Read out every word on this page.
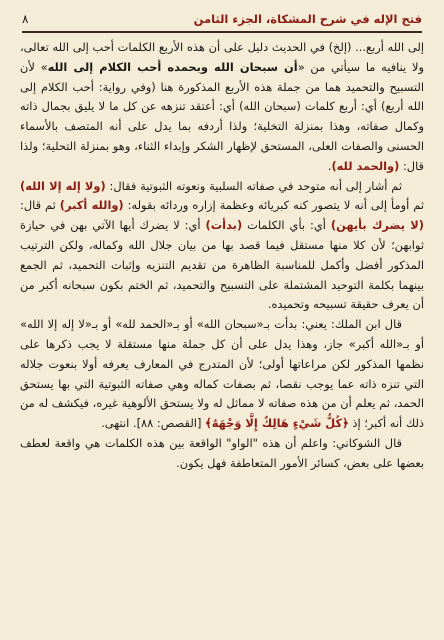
فتح الإله في شرح المشكاة، الجزء الثامن
٨

إلى الله أربع... (إلخ) في الحديث دليل على أن هذه الأربع الكلمات أحب إلى الله تعالى، ولا ينافيه ما سيأتي من «أن سبحان الله وبحمده أحب الكلام إلى الله» لأن التسبيح والتحميد هما من جملة هذه الأربع المذكورة هنا (وفي رواية: أحب الكلام إلى الله أربع) أي: أربع كلمات (سبحان الله) أي: أعتقد تنزهه عن كل ما لا يليق بجمال ذاته وكمال صفاته، وهذا بمنزلة التخلية؛ ولذا أردفه بما يدل على أنه المتصف بالأسماء الحسنى والصفات العلى، المستحق لإظهار الشكر وإبداء الثناء، وهو بمنزلة التحلية؛ ولذا قال: (والحمد لله).

ثم أشار إلى أنه متوحد في صفاته السلبية ونعوته الثبوتية فقال: (ولا إله إلا الله) ثم أومأ إلى أنه لا يتصور كنه كبريائه وعظمة إزاره وردائه بقوله: (والله أكبر) ثم قال: (لا يضرك بأيهن) أي: بأي الكلمات (بدأت) أي: لا يضرك أيها الآتي بهن في حيازة ثوابهن؛ لأن كلا منها مستقل فيما قصد بها من بيان جلال الله وكماله، ولكن الترتيب المذكور أفضل وأكمل للمناسبة الظاهرة من تقديم التنزيه وإثبات التحميد، ثم الجمع بينهما بكلمة التوحيد المشتملة على التسبيح والتحميد، ثم الختم بكون سبحانه أكبر من أن يعرف حقيقة تسبيحه وتحميده.

قال ابن الملك: يعني: بدأت بـ«سبحان الله» أو بـ«الحمد لله» أو بـ«لا إله إلا الله» أو بـ«الله أكبر» جاز، وهذا يدل على أن كل جملة منها مستقلة لا يجب ذكرها على نظمها المذكور لكن مراعاتها أولى؛ لأن المتدرج في المعارف يعرفه أولا بنعوت جلاله التي تنزه ذاته عما يوجب نقصا، ثم بصفات كماله وهي صفاته الثبوتية التي بها يستحق الحمد، ثم يعلم أن من هذه صفاته لا مماثل له ولا يستحق الألوهية غيره، فيكشف له من ذلك أنه أكبر؛ إذ ﴿كُلُّ شَيْءٍ هَالِكٌ إِلَّا وَجْهَهُ﴾ [القصص: ٨٨]. انتهى.

قال الشوكاني: واعلم أن هذه "الواو" الواقعة بين هذه الكلمات هي واقعة لعطف بعضها على بعض، كسائر الأمور المتعاطفة فهل يكون.
